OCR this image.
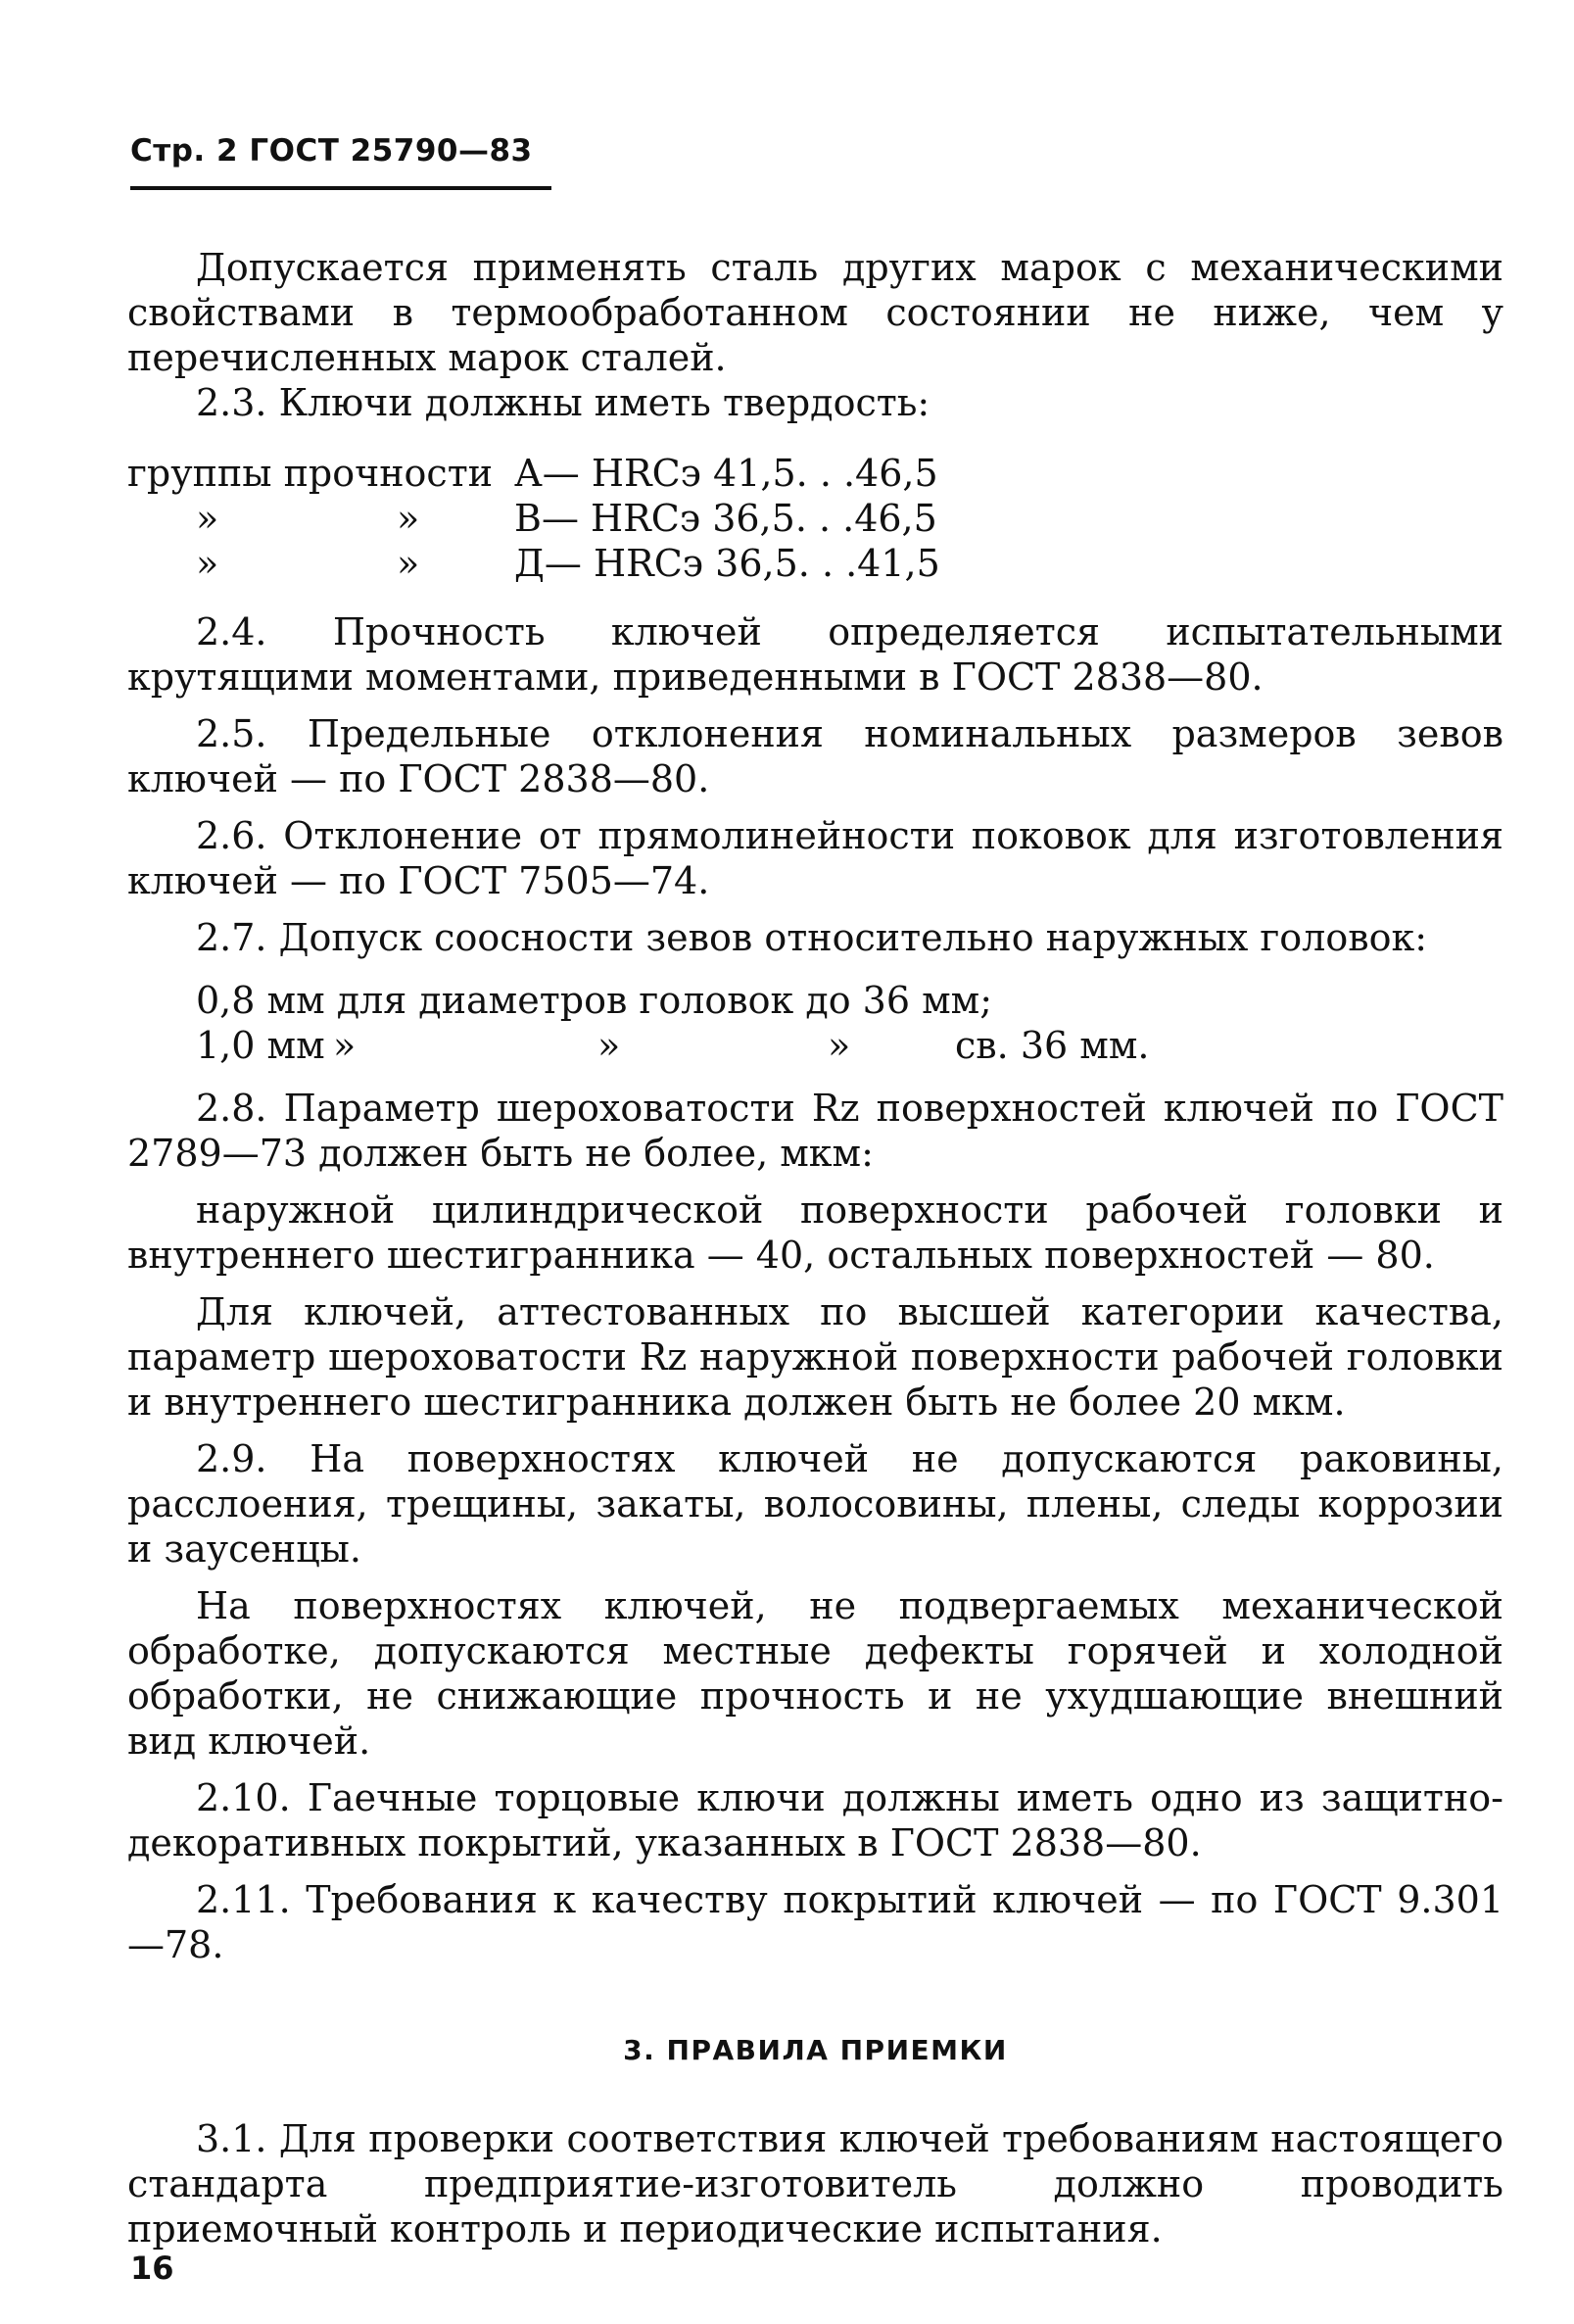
Стр. 2 ГОСТ 25790—83

Допускается применять сталь других марок с механическими свойствами в термообработанном состоянии не ниже, чем у перечисленных марок сталей.

2.3. Ключи должны иметь твердость:

группы прочности А — HRCэ 41,5. . .46,5
»	»	В — HRCэ 36,5. . .46,5
»	»	Д — HRCэ 36,5. . .41,5

2.4. Прочность ключей определяется испытательными крутящими моментами, приведенными в ГОСТ 2838—80.

2.5. Предельные отклонения номинальных размеров зевов ключей — по ГОСТ 2838—80.

2.6. Отклонение от прямолинейности поковок для изготовления ключей — по ГОСТ 7505—74.

2.7. Допуск соосности зевов относительно наружных головок:

0,8 мм для диаметров головок до 36 мм;
1,0 мм »	»	»	св. 36 мм.

2.8. Параметр шероховатости Rz поверхностей ключей по ГОСТ 2789—73 должен быть не более, мкм:

наружной цилиндрической поверхности рабочей головки и внутреннего шестигранника — 40, остальных поверхностей — 80.

Для ключей, аттестованных по высшей категории качества, параметр шероховатости Rz наружной поверхности рабочей головки и внутреннего шестигранника должен быть не более 20 мкм.

2.9. На поверхностях ключей не допускаются раковины, расслоения, трещины, закаты, волосовины, плены, следы коррозии и заусенцы.

На поверхностях ключей, не подвергаемых механической обработке, допускаются местные дефекты горячей и холодной обработки, не снижающие прочность и не ухудшающие внешний вид ключей.

2.10. Гаечные торцовые ключи должны иметь одно из защитно-декоративных покрытий, указанных в ГОСТ 2838—80.

2.11. Требования к качеству покрытий ключей — по ГОСТ 9.301—78.

3. ПРАВИЛА ПРИЕМКИ

3.1. Для проверки соответствия ключей требованиям настоящего стандарта предприятие-изготовитель должно проводить приемочный контроль и периодические испытания.

16
